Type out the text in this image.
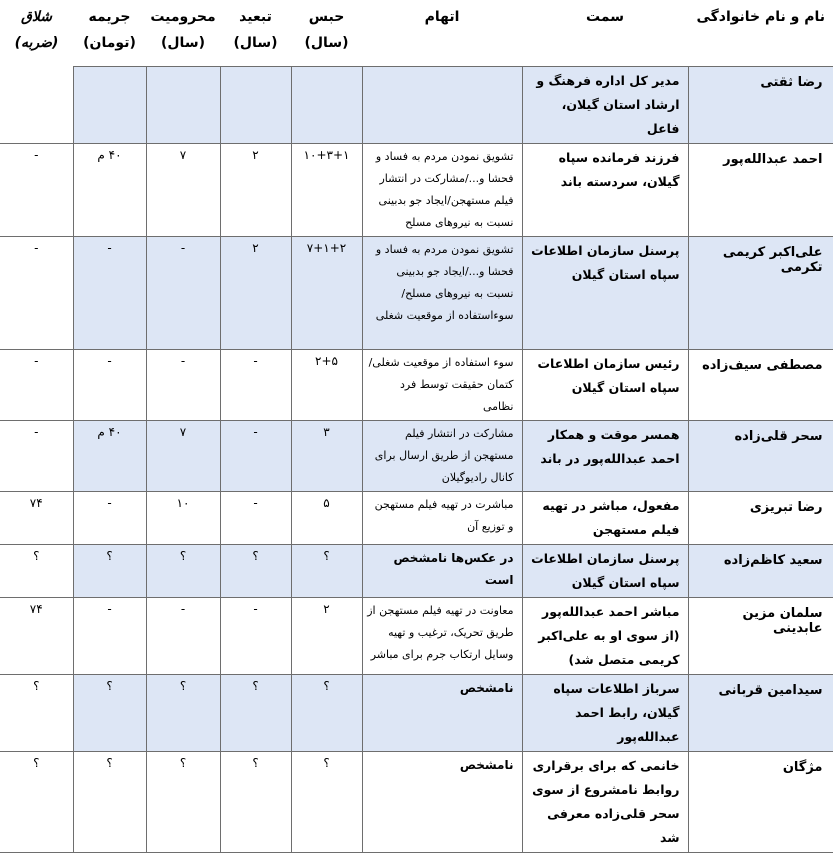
نام و نام خانوادگی	سمت	اتهام	حبس (سال)	تبعید (سال)	محرومیت (سال)	جریمه (تومان)	شلاق (ضربه)
رضا ثقتی	مدیر کل اداره فرهنگ و ارشاد استان گیلان، فاعل						
احمد عبدالله‌پور	فرزند فرمانده سپاه گیلان، سردسته باند	تشویق نمودن مردم به فساد و فحشا و.../مشارکت در انتشار فیلم مستهجن/ایجاد جو بدبینی نسبت به نیروهای مسلح	۱۰+۳+۱	۲	۷	۴۰ م	-
علی‌اکبر کریمی تکرمی	پرسنل سازمان اطلاعات سپاه استان گیلان	تشویق نمودن مردم به فساد و فحشا و.../ایجاد جو بدبینی نسبت به نیروهای مسلح/سوءاستفاده از موقعیت شغلی	۷+۱+۲	۲	-	-	-
مصطفی سیف‌زاده	رئیس سازمان اطلاعات سپاه استان گیلان	سوء استفاده از موقعیت شغلی/کتمان حقیقت توسط فرد نظامی	۲+۵	-	-	-	-
سحر قلی‌زاده	همسر موقت و همکار احمد عبدالله‌پور در باند	مشارکت در انتشار فیلم مستهجن از طریق ارسال برای کانال رادیوگیلان	۳	-	۷	۴۰ م	-
رضا تبریزی	مفعول، مباشر در تهیه فیلم مستهجن	مباشرت در تهیه فیلم مستهجن و توزیع آن	۵	-	۱۰	-	۷۴
سعید کاظم‌زاده	پرسنل سازمان اطلاعات سپاه استان گیلان	در عکس‌ها نامشخص است	؟	؟	؟	؟	؟
سلمان مزین عابدینی	مباشر احمد عبدالله‌پور (از سوی او به علی‌اکبر کریمی متصل شد)	معاونت در تهیه فیلم مستهجن از طریق تحریک، ترغیب و تهیه وسایل ارتکاب جرم برای مباشر	۲	-	-	-	۷۴
سیدامین قربانی	سرباز اطلاعات سپاه گیلان، رابط احمد عبدالله‌پور	نامشخص	؟	؟	؟	؟	؟
مژگان	خانمی که برای برقراری روابط نامشروع از سوی سحر قلی‌زاده معرفی شد	نامشخص	؟	؟	؟	؟	؟
